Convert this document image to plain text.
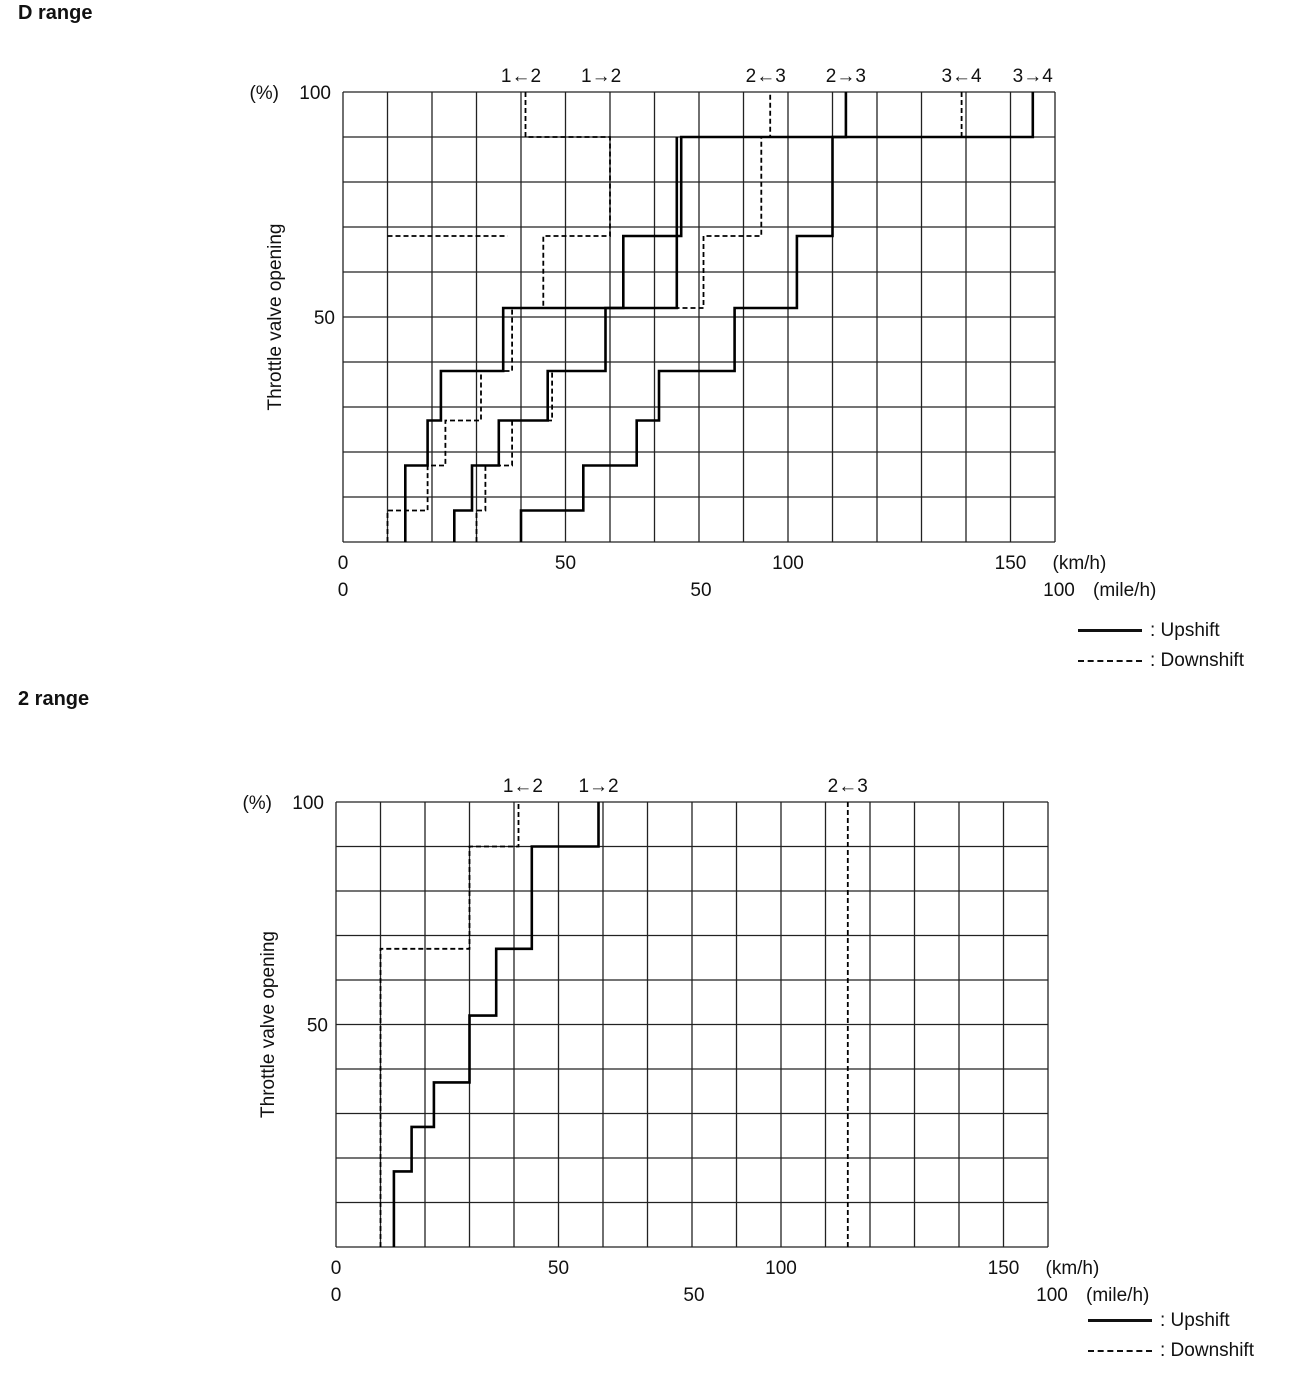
D range
1←2 1→2	2←3 2→3	3←4 3→4
100
(%)
50
Throttle valve opening
0	50	100	150 (km/h)
0	50	100 (mile/h)
: Upshift
: Downshift
2 range
1←2 1→2	2←3
100
(%)
50
Throttle valve opening
0	50	100	150 (km/h)
0	50	100 (mile/h)
: Upshift
: Downshift
